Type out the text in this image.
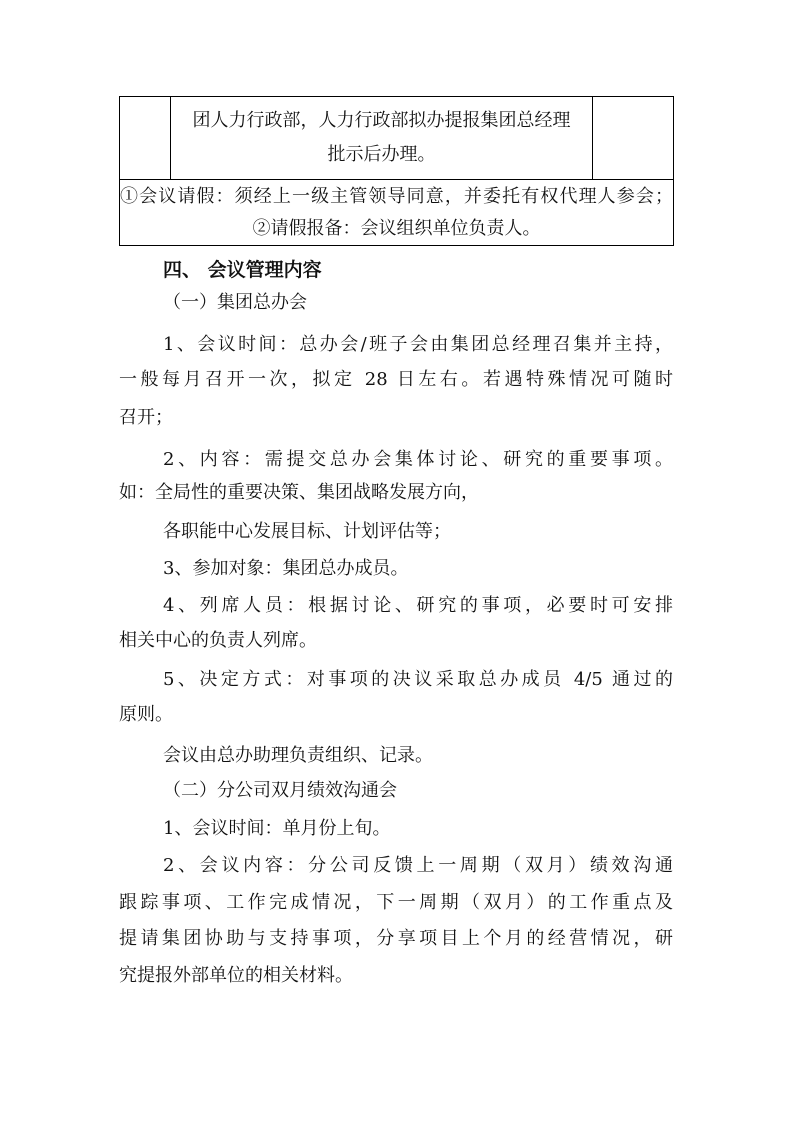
团人力行政部，人力行政部拟办提报集团总经理
批示后办理。

①会议请假：须经上一级主管领导同意，并委托有权代理人参会；
②请假报备：会议组织单位负责人。
四、 会议管理内容
（一）集团总办会
1、会议时间：总办会/班子会由集团总经理召集并主持，
一般每月召开一次，拟定 28 日左右。若遇特殊情况可随时
召开；
2、内容：需提交总办会集体讨论、研究的重要事项。
如：全局性的重要决策、集团战略发展方向，
各职能中心发展目标、计划评估等；
3、参加对象：集团总办成员。
4、列席人员：根据讨论、研究的事项，必要时可安排
相关中心的负责人列席。
5、决定方式：对事项的决议采取总办成员 4/5 通过的
原则。
会议由总办助理负责组织、记录。
（二）分公司双月绩效沟通会
1、会议时间：单月份上旬。
2、会议内容：分公司反馈上一周期（双月）绩效沟通
跟踪事项、工作完成情况，下一周期（双月）的工作重点及
提请集团协助与支持事项，分享项目上个月的经营情况，研
究提报外部单位的相关材料。
